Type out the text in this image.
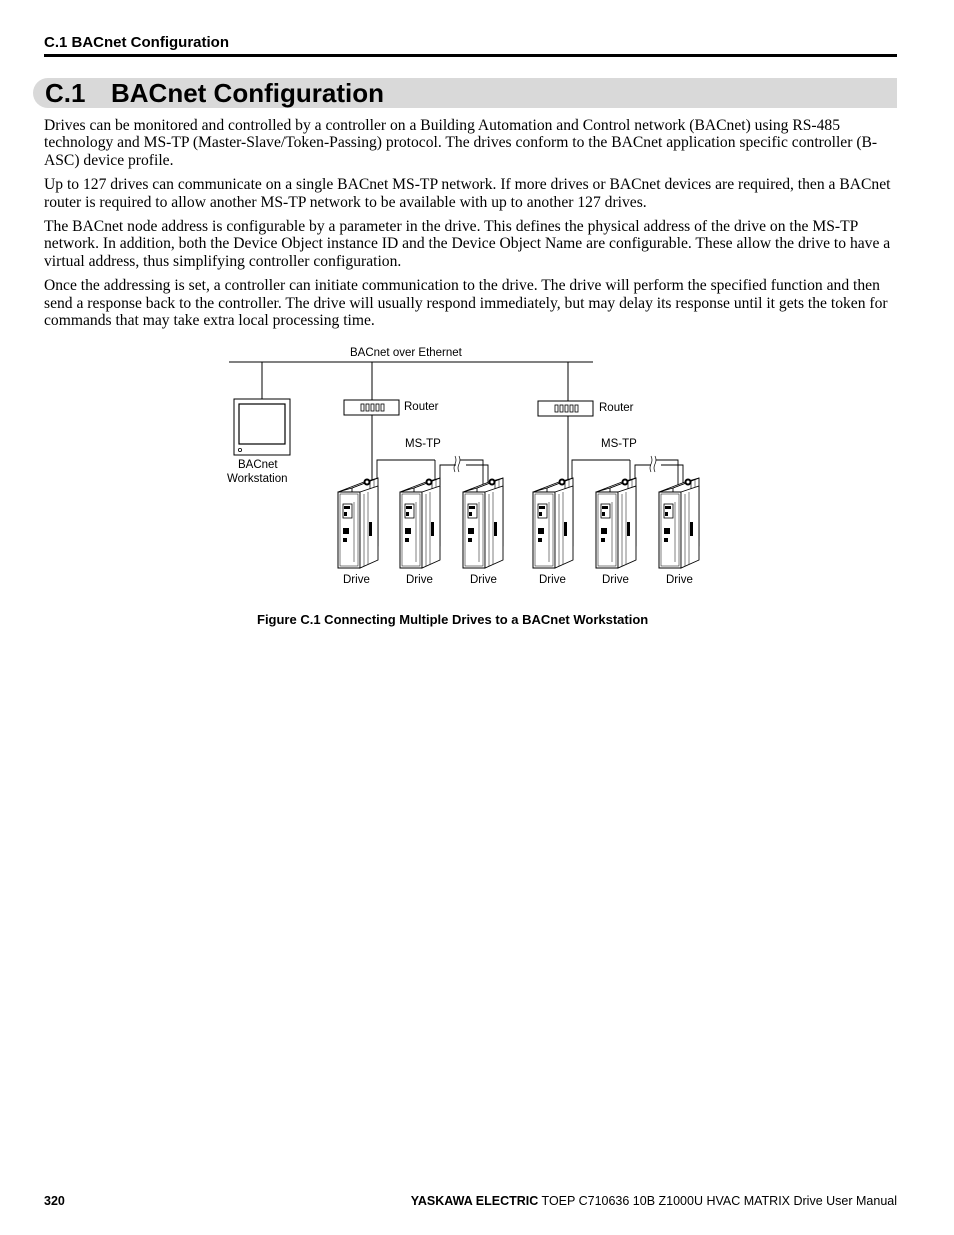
C.1 BACnet Configuration
C.1 BACnet Configuration

Drives can be monitored and controlled by a controller on a Building Automation and Control network (BACnet) using RS-485 technology and MS-TP (Master-Slave/Token-Passing) protocol. The drives conform to the BACnet application specific controller (B-ASC) device profile.

Up to 127 drives can communicate on a single BACnet MS-TP network. If more drives or BACnet devices are required, then a BACnet router is required to allow another MS-TP network to be available with up to another 127 drives.

The BACnet node address is configurable by a parameter in the drive. This defines the physical address of the drive on the MS-TP network. In addition, both the Device Object instance ID and the Device Object Name are configurable. These allow the drive to have a virtual address, thus simplifying controller configuration.

Once the addressing is set, a controller can initiate communication to the drive. The drive will perform the specified function and then send a response back to the controller. The drive will usually respond immediately, but may delay its response until it gets the token for commands that may take extra local processing time.

BACnet over Ethernet
BACnet
Workstation
Router	Router
MS-TP	MS-TP
Drive	Drive	Drive	Drive	Drive	Drive
Figure C.1 Connecting Multiple Drives to a BACnet Workstation
320	YASKAWA ELECTRIC TOEP C710636 10B Z1000U HVAC MATRIX Drive User Manual
